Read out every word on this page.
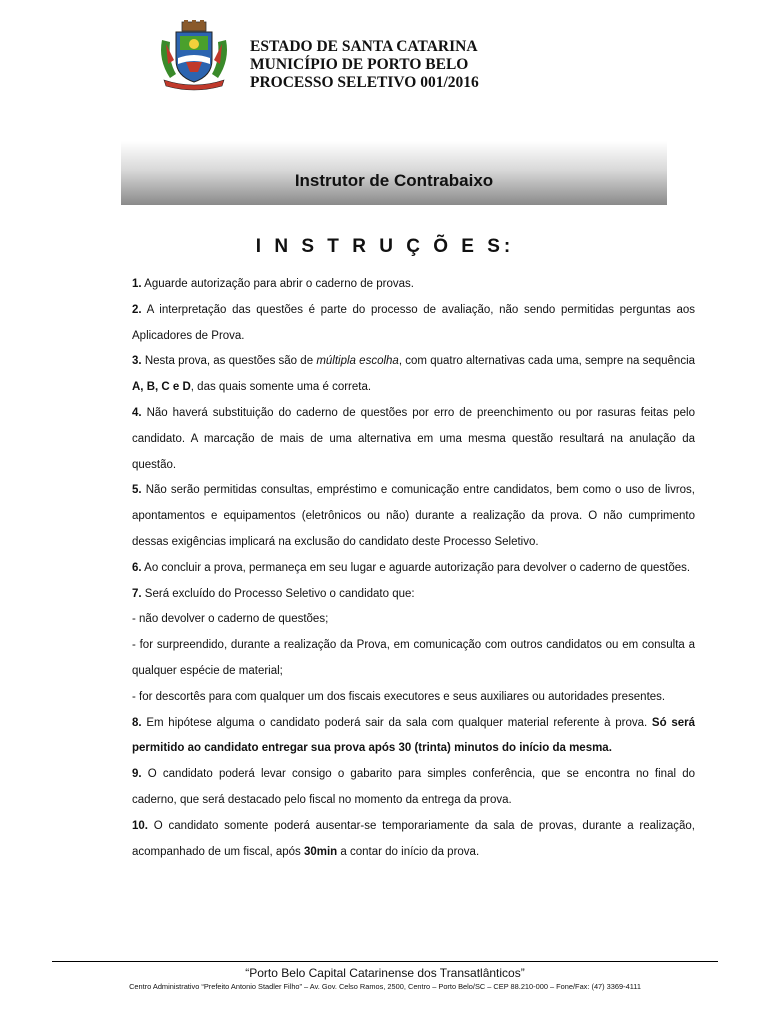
ESTADO DE SANTA CATARINA
MUNICÍPIO DE PORTO BELO
PROCESSO SELETIVO 001/2016
Instrutor de Contrabaixo
I N S T R U Ç Õ E S:

1. Aguarde autorização para abrir o caderno de provas.

2. A interpretação das questões é parte do processo de avaliação, não sendo permitidas perguntas aos Aplicadores de Prova.

3. Nesta prova, as questões são de múltipla escolha, com quatro alternativas cada uma, sempre na sequência A, B, C e D, das quais somente uma é correta.

4. Não haverá substituição do caderno de questões por erro de preenchimento ou por rasuras feitas pelo candidato. A marcação de mais de uma alternativa em uma mesma questão resultará na anulação da questão.

5. Não serão permitidas consultas, empréstimo e comunicação entre candidatos, bem como o uso de livros, apontamentos e equipamentos (eletrônicos ou não) durante a realização da prova. O não cumprimento dessas exigências implicará na exclusão do candidato deste Processo Seletivo.

6. Ao concluir a prova, permaneça em seu lugar e aguarde autorização para devolver o caderno de questões.

7. Será excluído do Processo Seletivo o candidato que:

- não devolver o caderno de questões;

- for surpreendido, durante a realização da Prova, em comunicação com outros candidatos ou em consulta a qualquer espécie de material;

- for descortês para com qualquer um dos fiscais executores e seus auxiliares ou autoridades presentes.

8. Em hipótese alguma o candidato poderá sair da sala com qualquer material referente à prova. Só será permitido ao candidato entregar sua prova após 30 (trinta) minutos do início da mesma.

9. O candidato poderá levar consigo o gabarito para simples conferência, que se encontra no final do caderno, que será destacado pelo fiscal no momento da entrega da prova.

10. O candidato somente poderá ausentar-se temporariamente da sala de provas, durante a realização, acompanhado de um fiscal, após 30min a contar do início da prova.

“Porto Belo Capital Catarinense dos Transatlânticos”
Centro Administrativo “Prefeito Antonio Stadler Filho” – Av. Gov. Celso Ramos, 2500, Centro – Porto Belo/SC – CEP 88.210-000 – Fone/Fax: (47) 3369-4111
